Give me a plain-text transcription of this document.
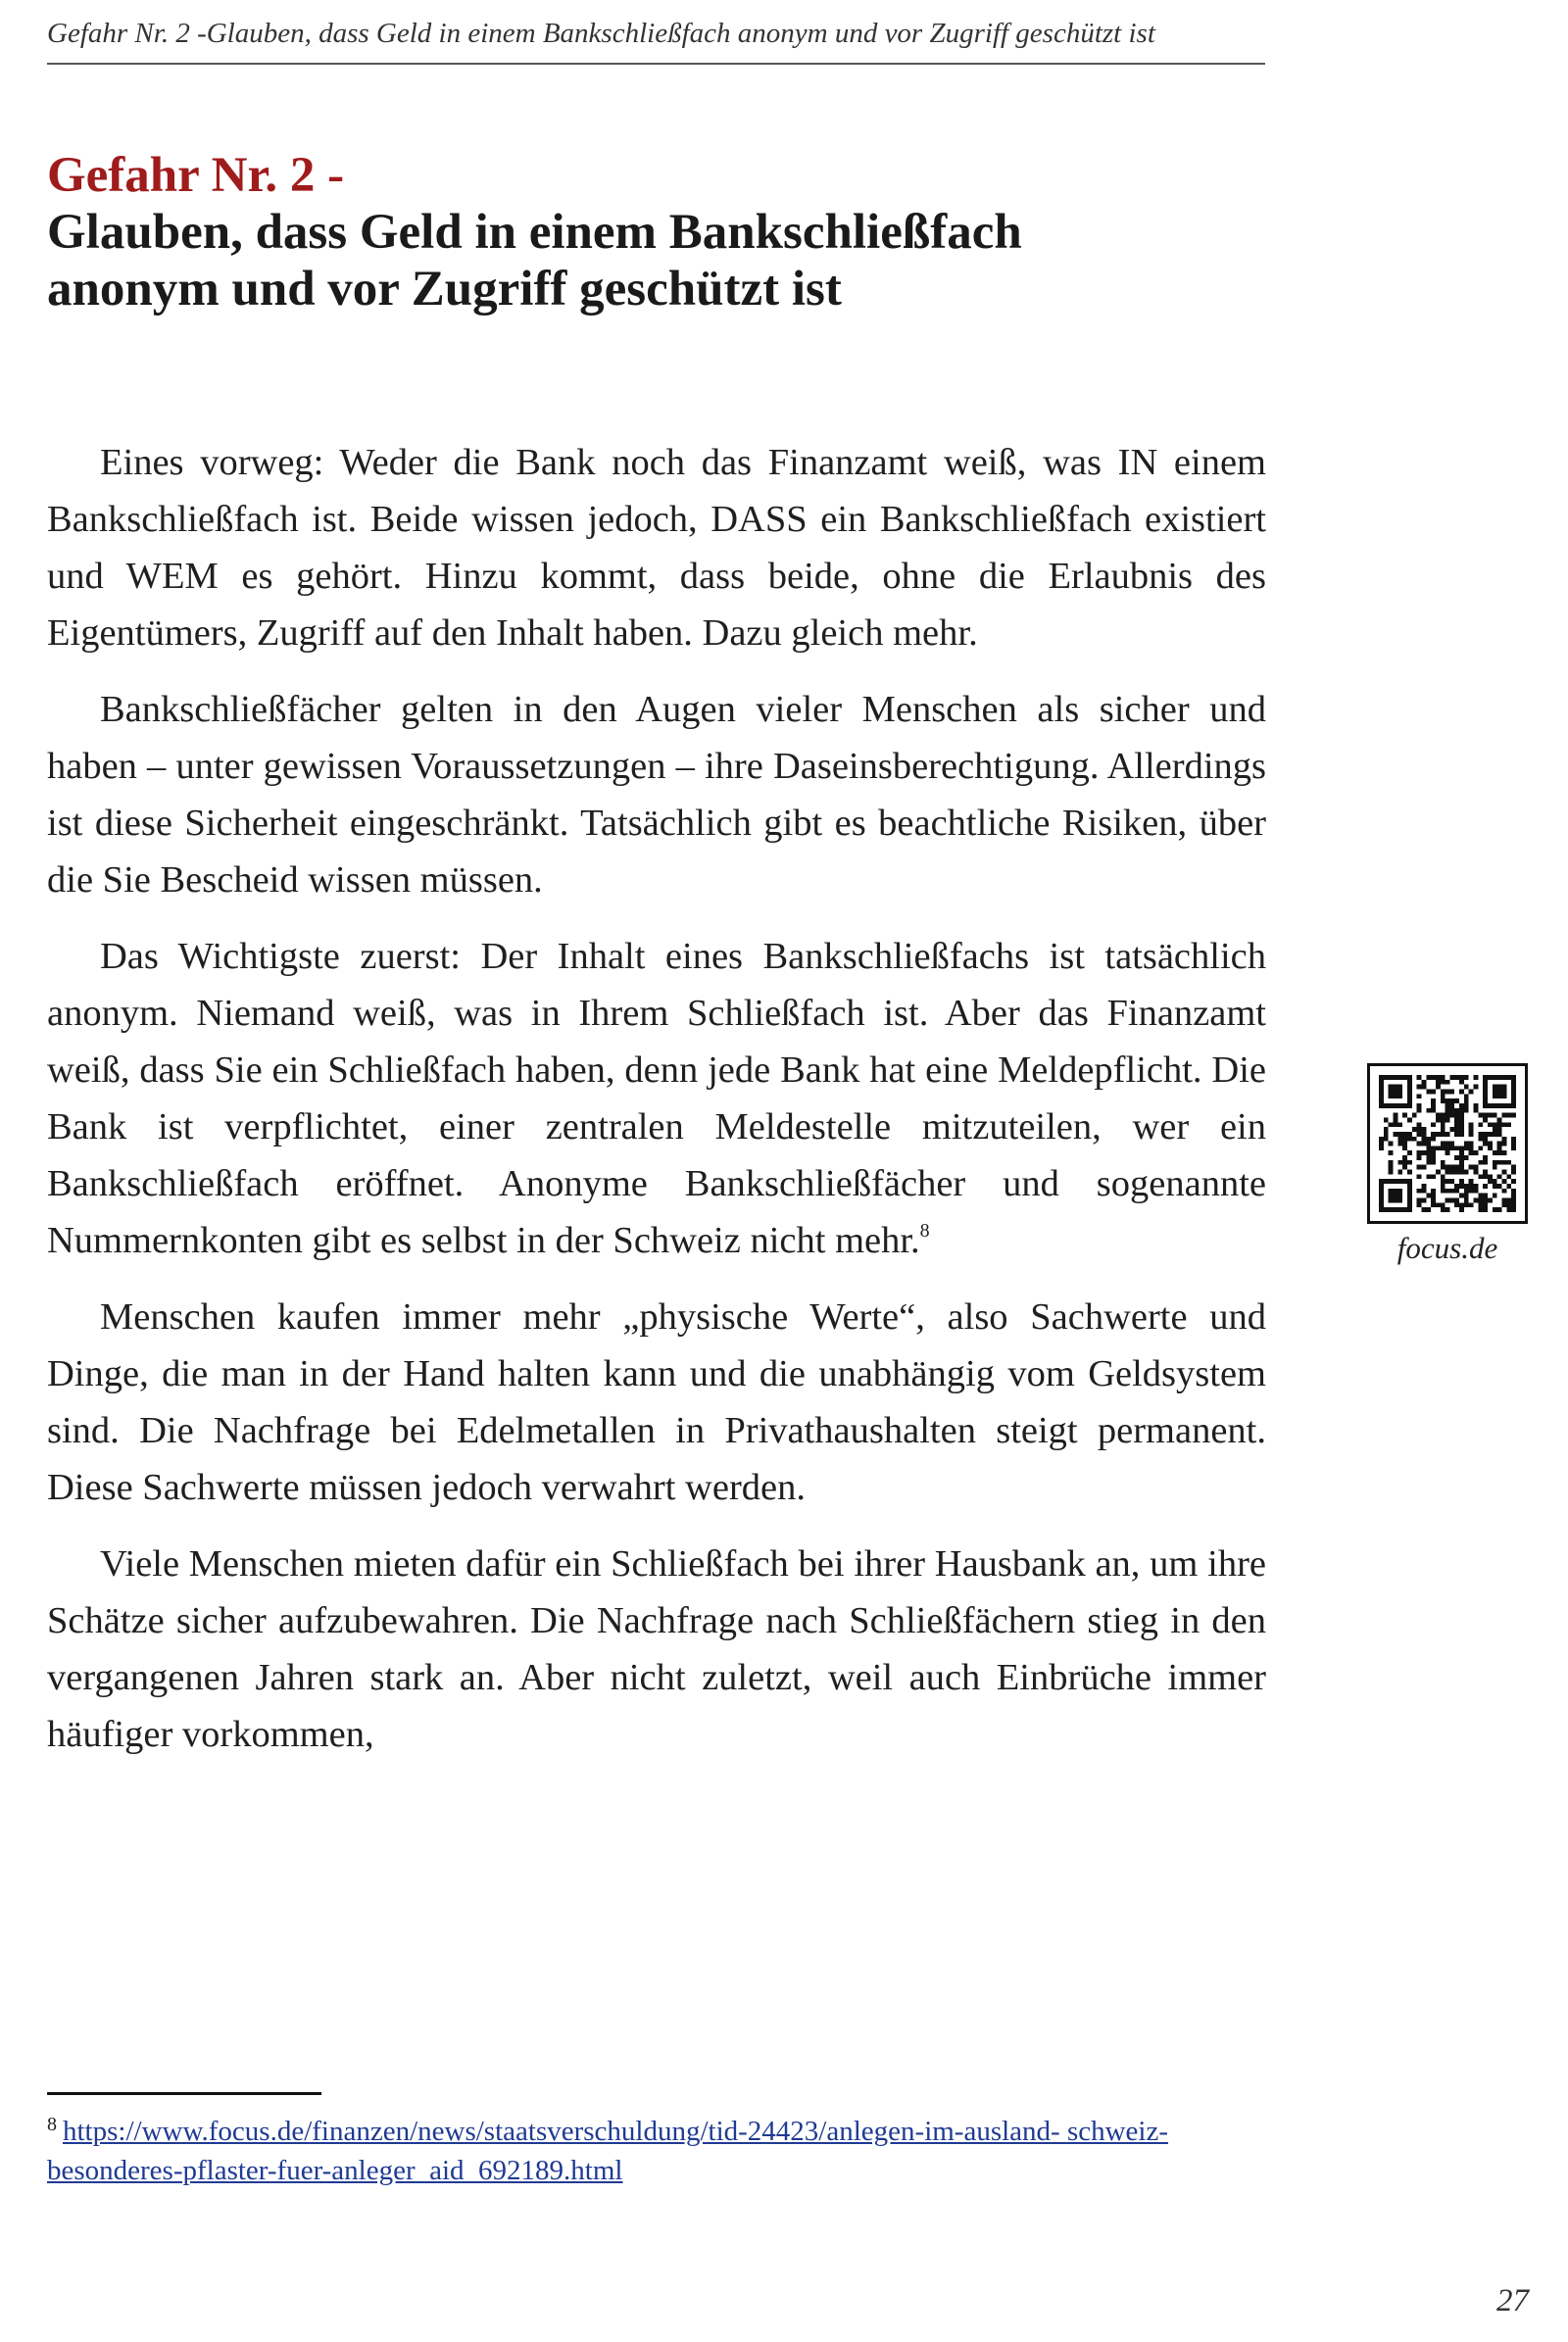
Gefahr Nr. 2 -Glauben, dass Geld in einem Bankschließfach anonym und vor Zugriff geschützt ist
Gefahr Nr. 2 -
Glauben, dass Geld in einem Bankschließfach
anonym und vor Zugriff geschützt ist

Eines vorweg: Weder die Bank noch das Finanzamt weiß, was IN einem Bankschließfach ist. Beide wissen jedoch, DASS ein Bankschließfach existiert und WEM es gehört. Hinzu kommt, dass beide, ohne die Erlaubnis des Eigentümers, Zugriff auf den Inhalt haben. Dazu gleich mehr.

Bankschließfächer gelten in den Augen vieler Menschen als sicher und haben – unter gewissen Voraussetzungen – ihre Daseinsberechtigung. Allerdings ist diese Sicherheit eingeschränkt. Tatsächlich gibt es beachtliche Risiken, über die Sie Bescheid wissen müssen.

Das Wichtigste zuerst: Der Inhalt eines Bankschließfachs ist tatsächlich anonym. Niemand weiß, was in Ihrem Schließfach ist. Aber das Finanzamt weiß, dass Sie ein Schließfach haben, denn jede Bank hat eine Meldepflicht. Die Bank ist verpflichtet, einer zentralen Meldestelle mitzuteilen, wer ein Bankschließfach eröffnet. Anonyme Bankschließfächer und sogenannte Nummernkonten gibt es selbst in der Schweiz nicht mehr.$^8$

Menschen kaufen immer mehr „physische Werte“, also Sachwerte und Dinge, die man in der Hand halten kann und die unabhängig vom Geldsystem sind. Die Nachfrage bei Edelmetallen in Privathaushalten steigt permanent. Diese Sachwerte müssen jedoch verwahrt werden.

Viele Menschen mieten dafür ein Schließfach bei ihrer Hausbank an, um ihre Schätze sicher aufzubewahren. Die Nachfrage nach Schließfächern stieg in den vergangenen Jahren stark an. Aber nicht zuletzt, weil auch Einbrüche immer häufiger vorkommen,

focus.de
$^8$ https://www.focus.de/finanzen/news/staatsverschuldung/tid-24423/anlegen-im-ausland- schweiz-besonderes-pflaster-fuer-anleger_aid_692189.html
27
